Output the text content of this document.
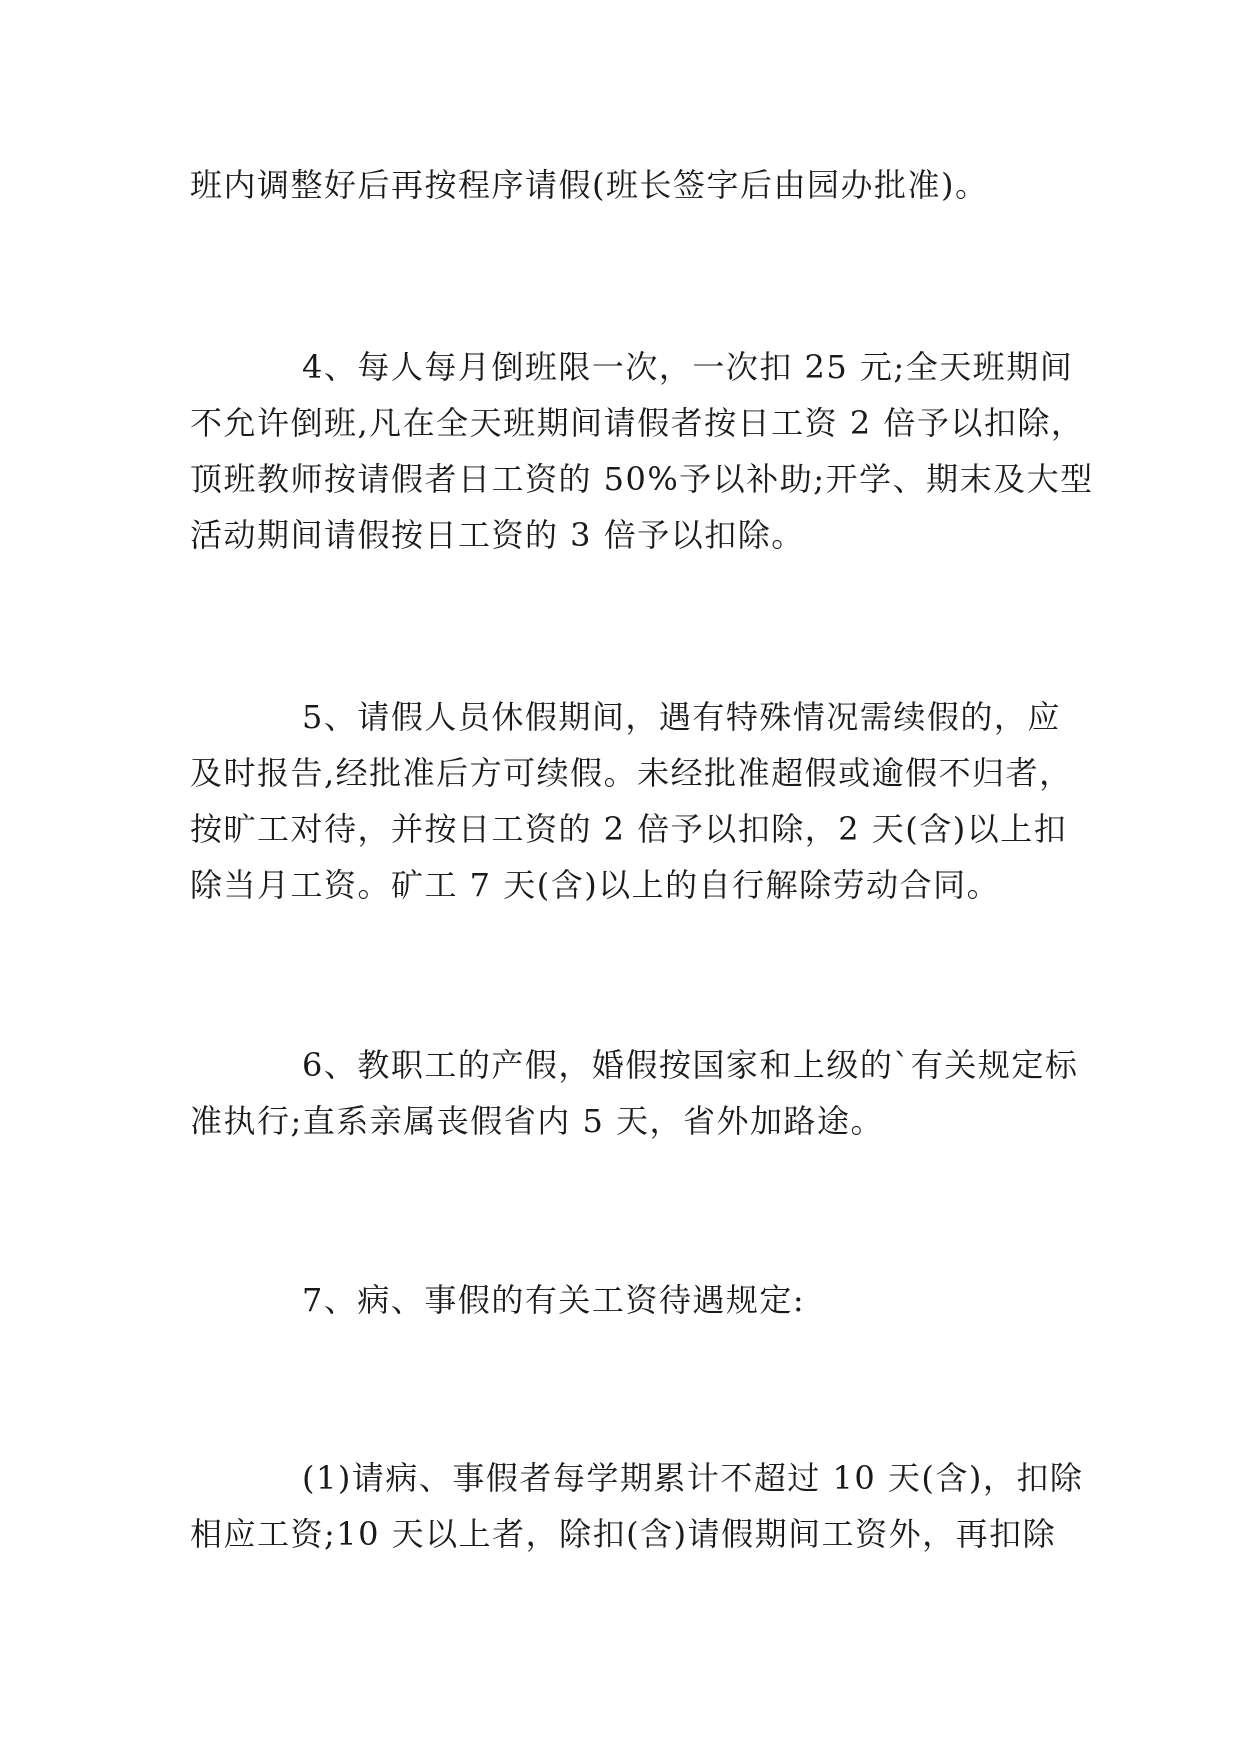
班内调整好后再按程序请假(班长签字后由园办批准)。

4、每人每月倒班限一次，一次扣 25 元;全天班期间
不允许倒班,凡在全天班期间请假者按日工资 2 倍予以扣除，
顶班教师按请假者日工资的 50%予以补助;开学、期末及大型
活动期间请假按日工资的 3 倍予以扣除。

5、请假人员休假期间，遇有特殊情况需续假的，应
及时报告,经批准后方可续假。未经批准超假或逾假不归者，
按旷工对待，并按日工资的 2 倍予以扣除，2 天(含)以上扣
除当月工资。矿工 7 天(含)以上的自行解除劳动合同。

6、教职工的产假，婚假按国家和上级的`有关规定标
准执行;直系亲属丧假省内 5 天，省外加路途。

7、病、事假的有关工资待遇规定:

(1)请病、事假者每学期累计不超过 10 天(含)，扣除
相应工资;10 天以上者，除扣(含)请假期间工资外，再扣除
